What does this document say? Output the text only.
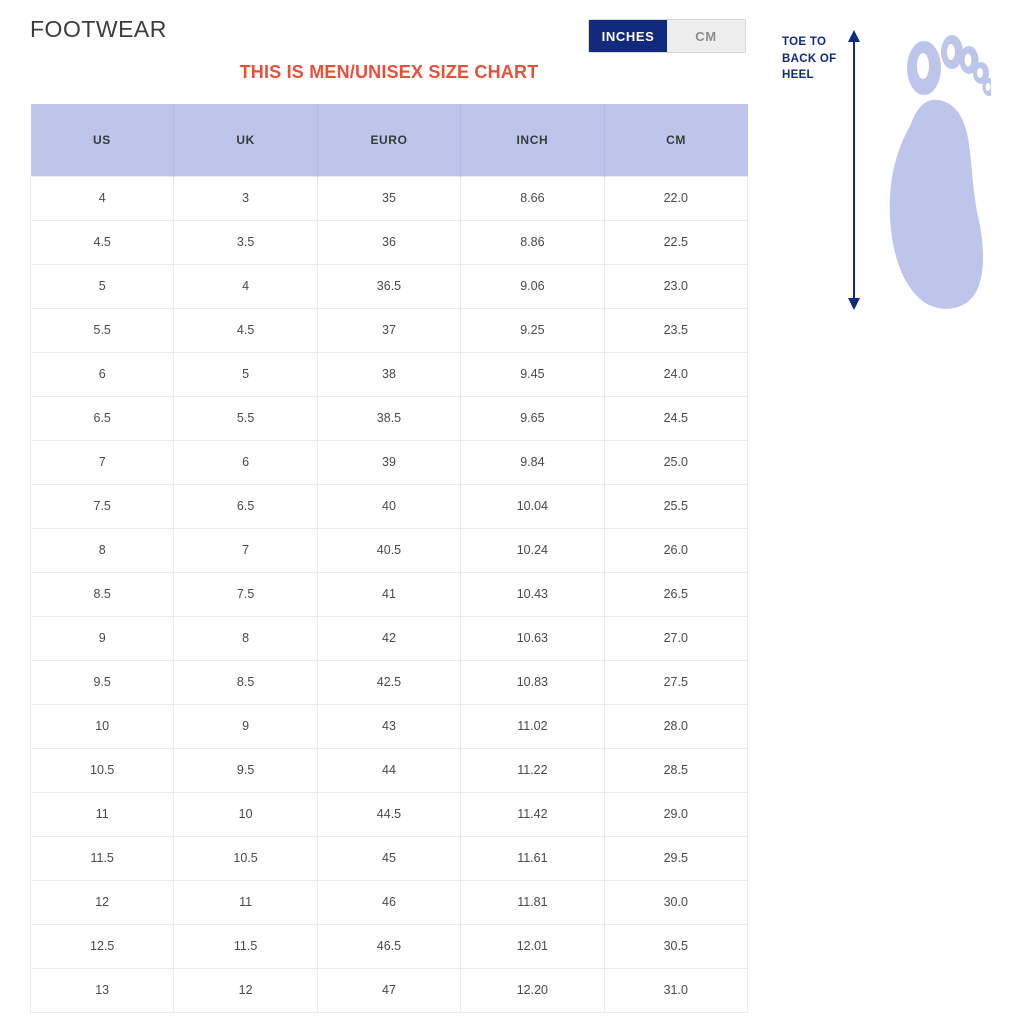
FOOTWEAR	INCHES	CM
THIS IS MEN/UNISEX SIZE CHART
US	UK	EURO	INCH	CM
4	3	35	8.66	22.0
4.5	3.5	36	8.86	22.5
5	4	36.5	9.06	23.0
5.5	4.5	37	9.25	23.5
6	5	38	9.45	24.0
6.5	5.5	38.5	9.65	24.5
7	6	39	9.84	25.0
7.5	6.5	40	10.04	25.5
8	7	40.5	10.24	26.0
8.5	7.5	41	10.43	26.5
9	8	42	10.63	27.0
9.5	8.5	42.5	10.83	27.5
10	9	43	11.02	28.0
10.5	9.5	44	11.22	28.5
11	10	44.5	11.42	29.0
11.5	10.5	45	11.61	29.5
12	11	46	11.81	30.0
12.5	11.5	46.5	12.01	30.5
13	12	47	12.20	31.0
TOE TO
BACK OF
HEEL
